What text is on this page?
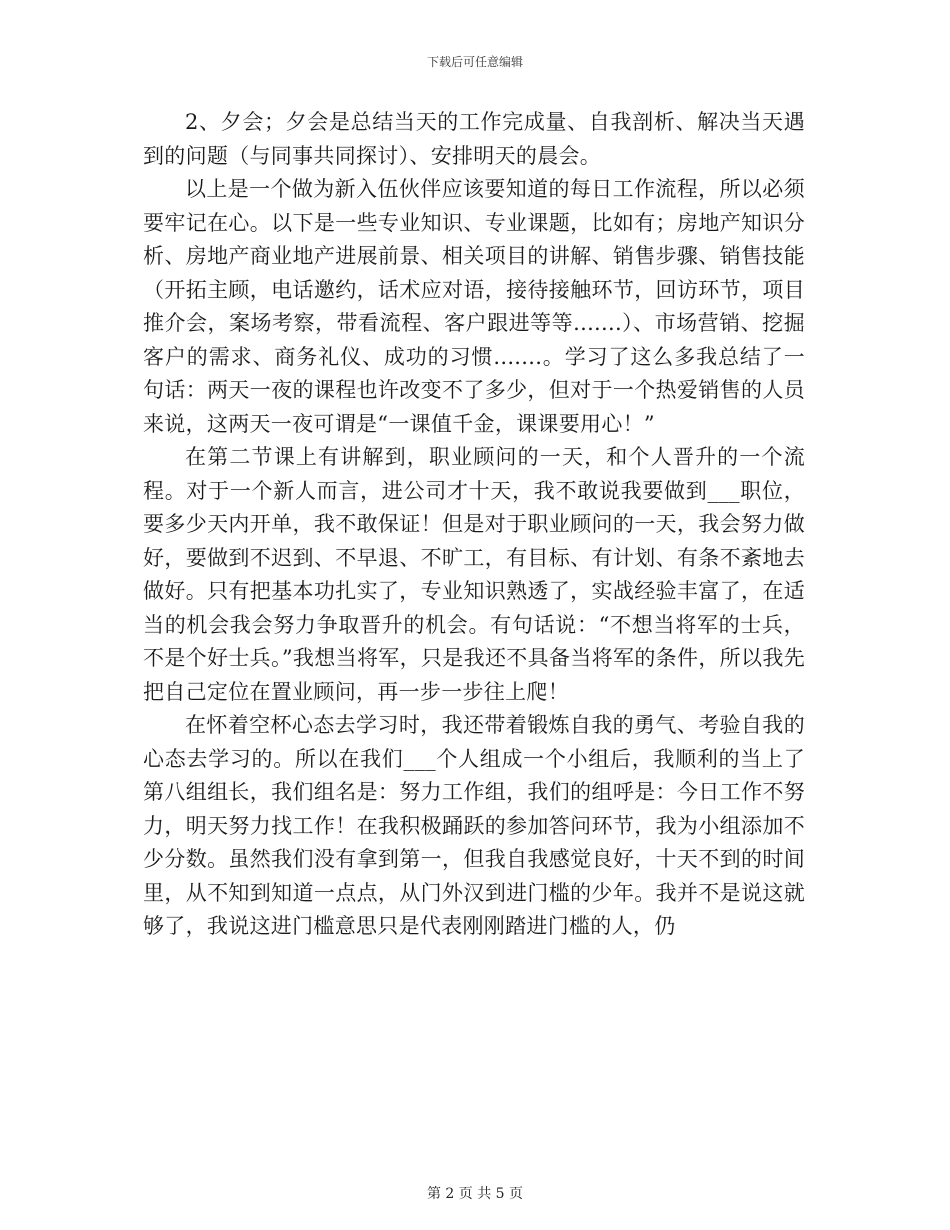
下载后可任意编辑

2、夕会；夕会是总结当天的工作完成量、自我剖析、解决当天遇到的问题（与同事共同探讨）、安排明天的晨会。

以上是一个做为新入伍伙伴应该要知道的每日工作流程，所以必须要牢记在心。以下是一些专业知识、专业课题，比如有；房地产知识分析、房地产商业地产进展前景、相关项目的讲解、销售步骤、销售技能（开拓主顾，电话邀约，话术应对语，接待接触环节，回访环节，项目推介会，案场考察，带看流程、客户跟进等等.......）、市场营销、挖掘客户的需求、商务礼仪、成功的习惯.......。学习了这么多我总结了一句话：两天一夜的课程也许改变不了多少，但对于一个热爱销售的人员来说，这两天一夜可谓是“一课值千金，课课要用心！”

在第二节课上有讲解到，职业顾问的一天，和个人晋升的一个流程。对于一个新人而言，进公司才十天，我不敢说我要做到___职位，要多少天内开单，我不敢保证！但是对于职业顾问的一天，我会努力做好，要做到不迟到、不早退、不旷工，有目标、有计划、有条不紊地去做好。只有把基本功扎实了，专业知识熟透了，实战经验丰富了，在适当的机会我会努力争取晋升的机会。有句话说：“不想当将军的士兵，不是个好士兵。”我想当将军，只是我还不具备当将军的条件，所以我先把自己定位在置业顾问，再一步一步往上爬！

在怀着空杯心态去学习时，我还带着锻炼自我的勇气、考验自我的心态去学习的。所以在我们___个人组成一个小组后，我顺利的当上了第八组组长，我们组名是：努力工作组，我们的组呼是：今日工作不努力，明天努力找工作！在我积极踊跃的参加答问环节，我为小组添加不少分数。虽然我们没有拿到第一，但我自我感觉良好，十天不到的时间里，从不知到知道一点点，从门外汉到进门槛的少年。我并不是说这就够了，我说这进门槛意思只是代表刚刚踏进门槛的人，仍

第 2 页 共 5 页
